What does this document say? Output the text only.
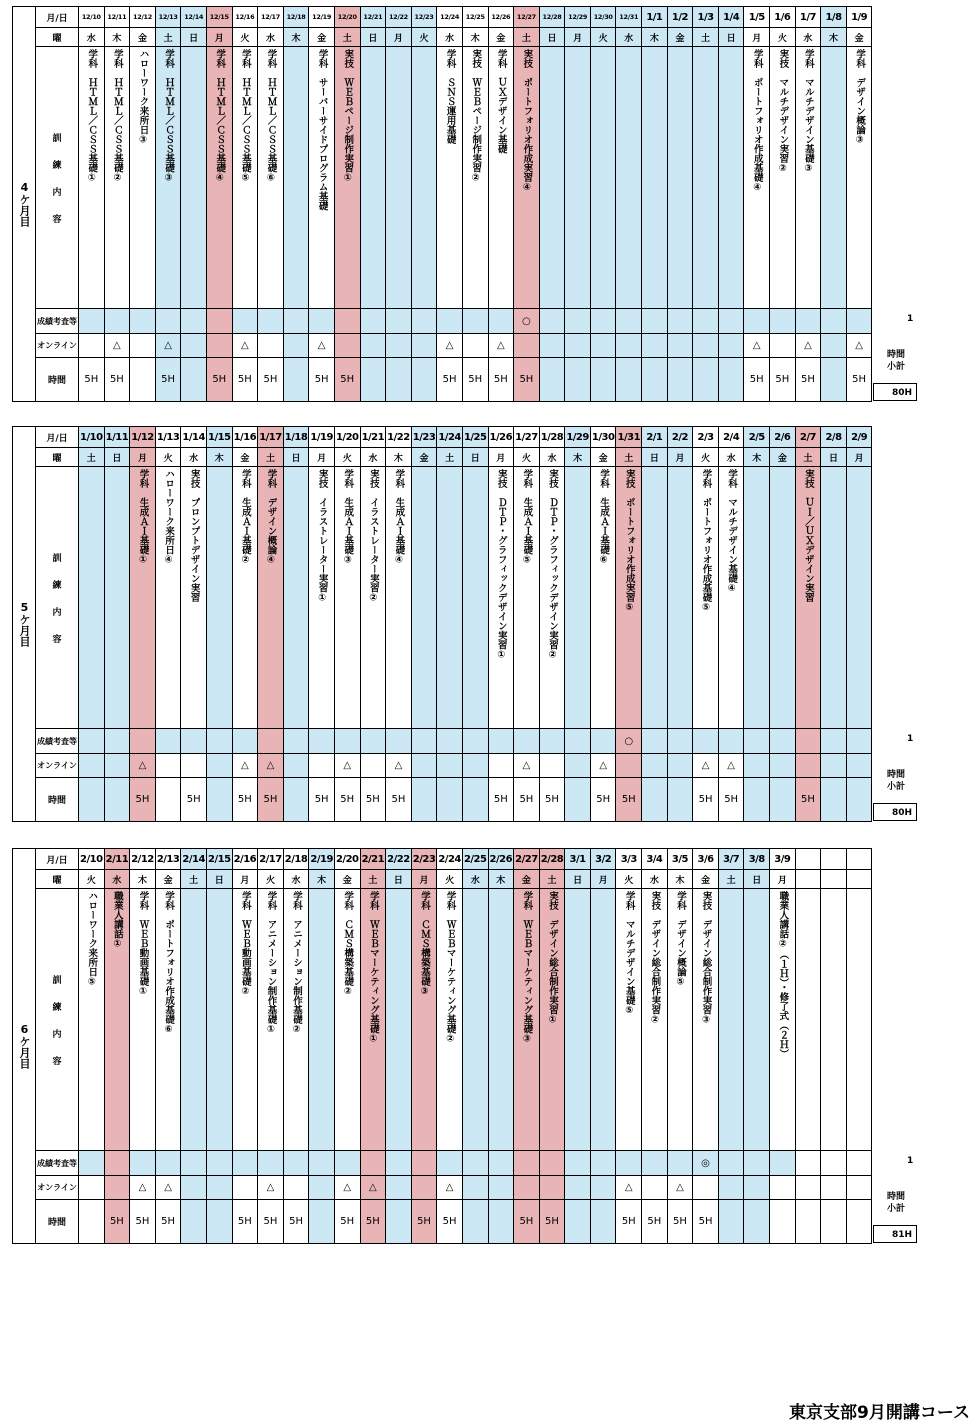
4ケ月目	月/日	12/10	12/11	12/12	12/13	12/14	12/15	12/16	12/17	12/18	12/19	12/20	12/21	12/22	12/23	12/24	12/25	12/26	12/27	12/28	12/29	12/30	12/31	1/1	1/2	1/3	1/4	1/5	1/6	1/7	1/8	1/9
	曜	水	木	金	土	日	月	火	水	木	金	土	日	月	火	水	木	金	土	日	月	火	水	木	金	土	日	月	火	水	木	金

	訓
練
内
容	学科　ＨＴＭＬ／ＣＳＳ基礎①	学科　ＨＴＭＬ／ＣＳＳ基礎②	ハローワーク来所日③	学科　ＨＴＭＬ／ＣＳＳ基礎③		学科　ＨＴＭＬ／ＣＳＳ基礎④	学科　ＨＴＭＬ／ＣＳＳ基礎⑤	学科　ＨＴＭＬ／ＣＳＳ基礎⑥		学科　サーバーサイドプログラム基礎	実技　ＷＥＢページ制作実習①				学科　ＳＮＳ運用基礎	実技　ＷＥＢページ制作実習②	学科　ＵＸデザイン基礎	実技　ポートフォリオ作成実習④									学科　ポートフォリオ作成基礎④	実技　マルチデザイン実習②	学科　マルチデザイン基礎③		学科　デザイン概論③

	成績考査等																		○													
	オンライン		△		△			△			△					△		△										△		△		△
	時間	5H	5H		5H		5H	5H	5H		5H	5H				5H	5H	5H	5H									5H	5H	5H		5H
1
時間
小計
80H
5ケ月目	月/日	1/10	1/11	1/12	1/13	1/14	1/15	1/16	1/17	1/18	1/19	1/20	1/21	1/22	1/23	1/24	1/25	1/26	1/27	1/28	1/29	1/30	1/31	2/1	2/2	2/3	2/4	2/5	2/6	2/7	2/8	2/9
	曜	土	日	月	火	水	木	金	土	日	月	火	水	木	金	土	日	月	火	水	木	金	土	日	月	火	水	木	金	土	日	月

	訓
練
内
容			学科　生成ＡＩ基礎①	ハローワーク来所日④	実技　プロンプトデザイン実習		学科　生成ＡＩ基礎②	学科　デザイン概論④		実技　イラストレーター実習①	学科　生成ＡＩ基礎③	実技　イラストレーター実習②	学科　生成ＡＩ基礎④				実技　ＤＴＰ・グラフィックデザイン実習①	学科　生成ＡＩ基礎⑤	実技　ＤＴＰ・グラフィックデザイン実習②		学科　生成ＡＩ基礎⑥	実技　ポートフォリオ作成実習⑤			学科　ポートフォリオ作成基礎⑤	学科　マルチデザイン基礎④			実技　ＵＩ／ＵＸデザイン実習		

	成績考査等																						○									
	オンライン			△				△	△			△		△					△			△				△	△					
	時間			5H		5H		5H	5H		5H	5H	5H	5H				5H	5H	5H		5H	5H			5H	5H			5H		
1
時間
小計
80H
6ケ月目	月/日	2/10	2/11	2/12	2/13	2/14	2/15	2/16	2/17	2/18	2/19	2/20	2/21	2/22	2/23	2/24	2/25	2/26	2/27	2/28	3/1	3/2	3/3	3/4	3/5	3/6	3/7	3/8	3/9			
	曜	火	水	木	金	土	日	月	火	水	木	金	土	日	月	火	水	木	金	土	日	月	火	水	木	金	土	日	月			

	訓
練
内
容	ハローワーク来所日⑤	職業人講話①	学科　ＷＥＢ動画基礎①	学科　ポートフォリオ作成基礎⑥			学科　ＷＥＢ動画基礎②	学科　アニメーション制作基礎①	学科　アニメーション制作基礎②		学科　ＣＭＳ構築基礎②	学科　ＷＥＢマーケティング基礎①		学科　ＣＭＳ構築基礎③	学科　ＷＥＢマーケティング基礎②			学科　ＷＥＢマーケティング基礎③	実技　デザイン総合制作実習①			学科　マルチデザイン基礎⑤	実技　デザイン総合制作実習②	学科　デザイン概論⑤	実技　デザイン総合制作実習③			職業人講話②（１Ｈ）・修了式（２Ｈ）			

	成績考査等																									◎						
	オンライン			△	△				△			△	△			△							△		△							
	時間		5H	5H	5H			5H	5H	5H		5H	5H		5H	5H			5H	5H			5H	5H	5H	5H						
1
時間
小計
81H
東京支部9月開講コース
